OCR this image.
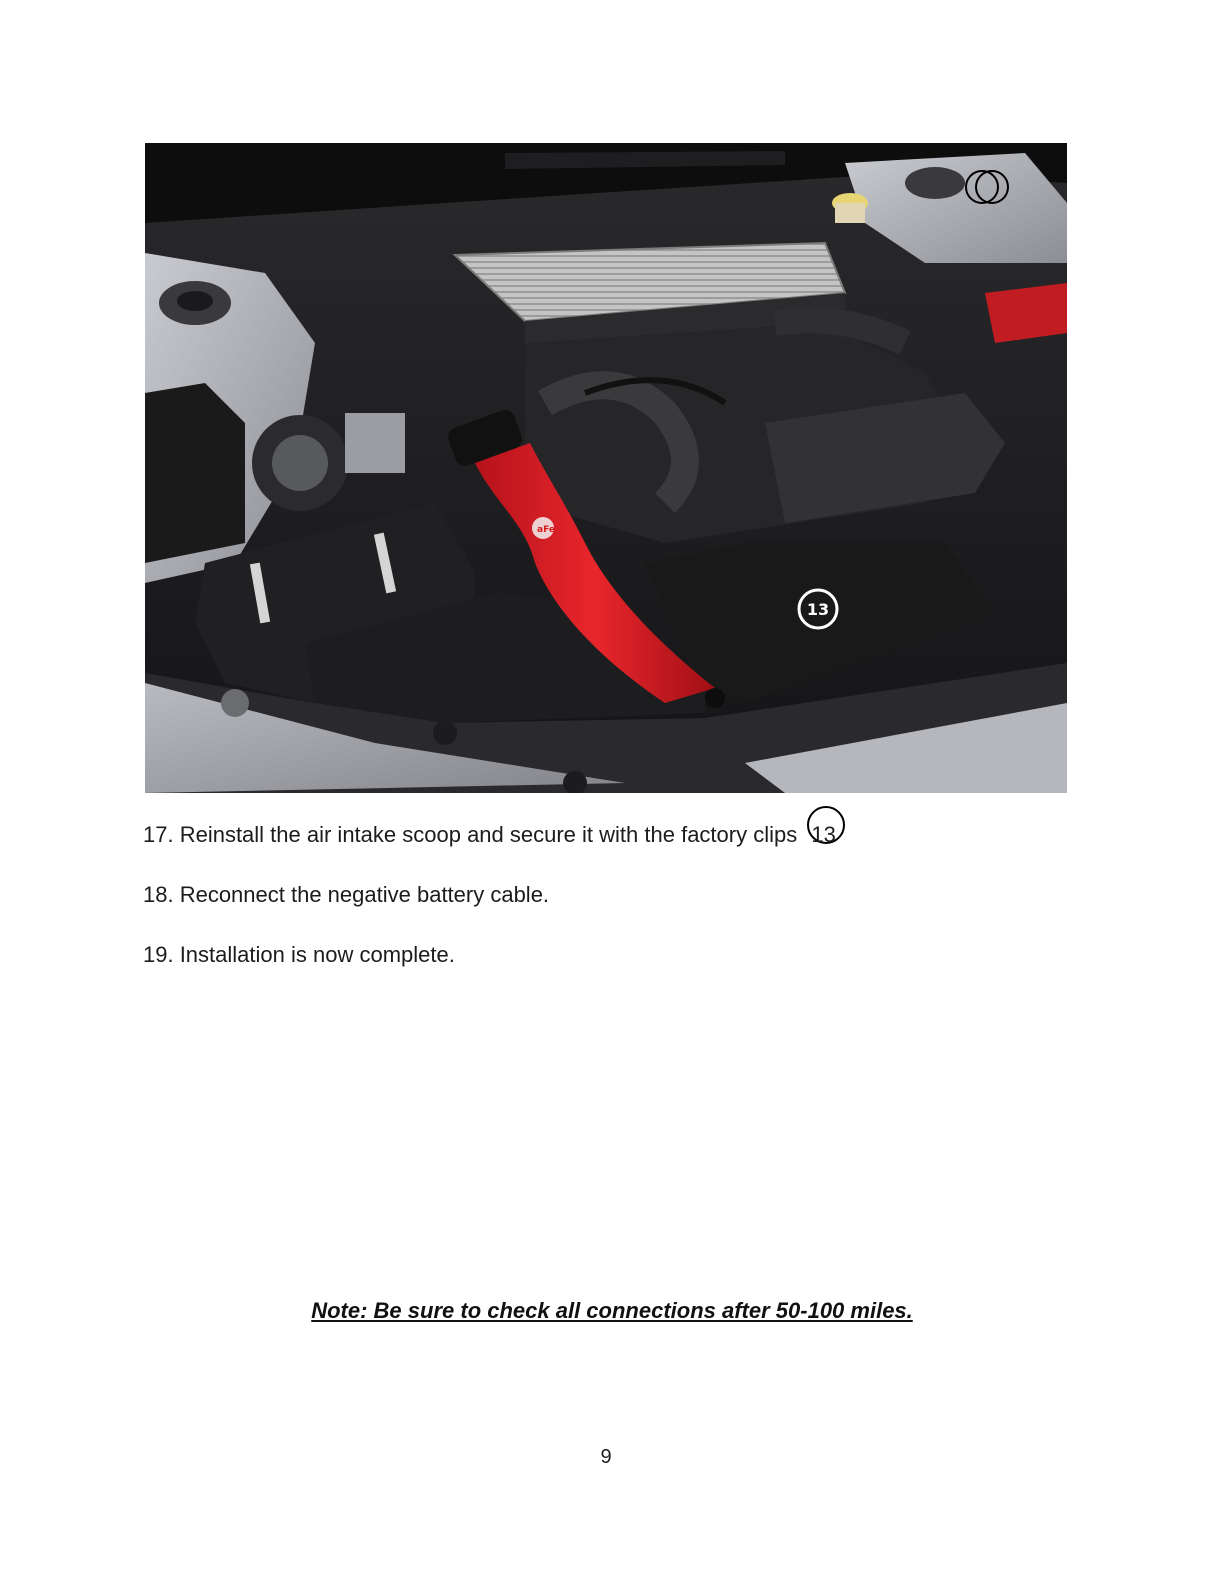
aFe
13
17. Reinstall the air intake scoop and secure it with the factory clips 13
18. Reconnect the negative battery cable.
19. Installation is now complete.
Note: Be sure to check all connections after 50-100 miles.
9
